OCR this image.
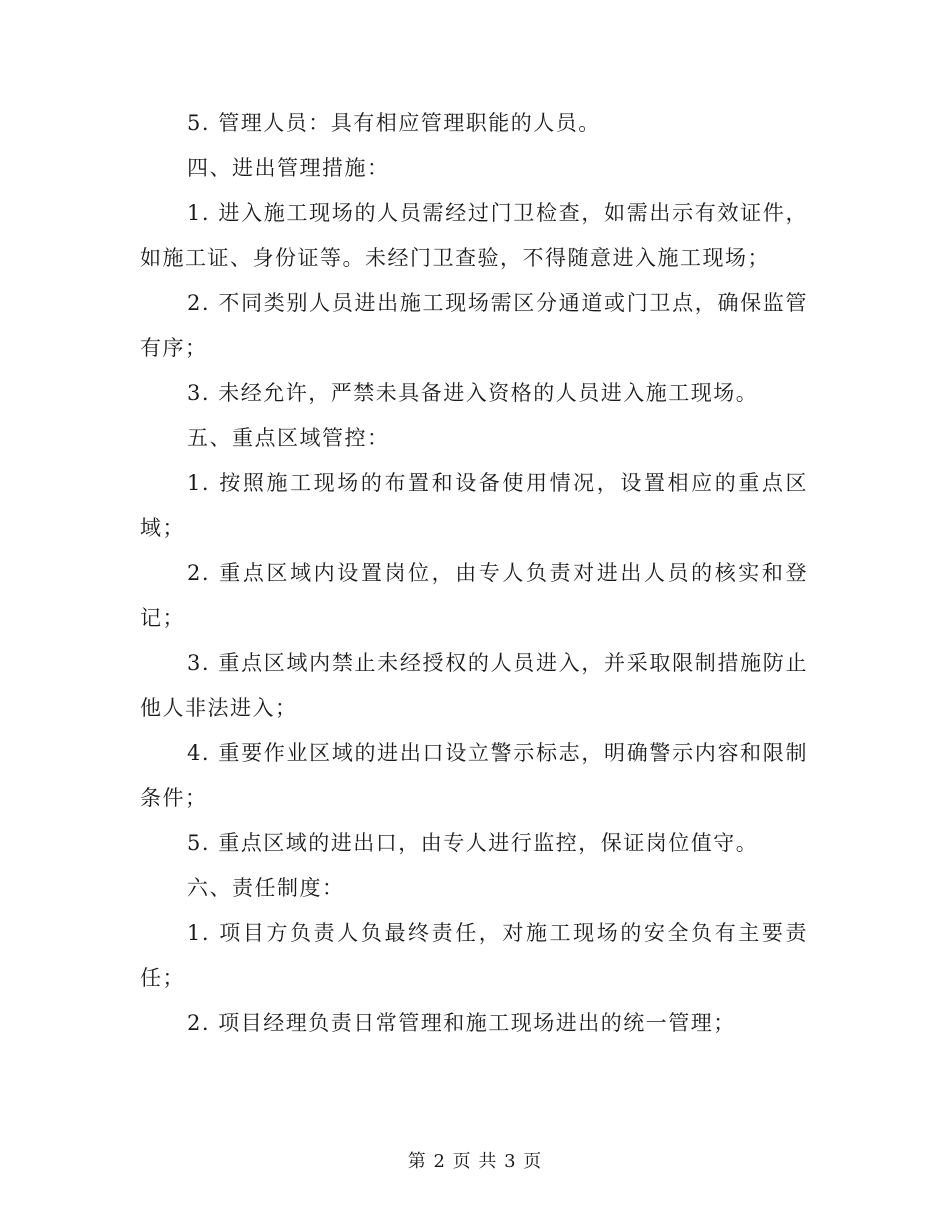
5. 管理人员：具有相应管理职能的人员。

四、进出管理措施：

1. 进入施工现场的人员需经过门卫检查，如需出示有效证件，如施工证、身份证等。未经门卫查验，不得随意进入施工现场；

2. 不同类别人员进出施工现场需区分通道或门卫点，确保监管有序；

3. 未经允许，严禁未具备进入资格的人员进入施工现场。

五、重点区域管控：

1. 按照施工现场的布置和设备使用情况，设置相应的重点区域；

2. 重点区域内设置岗位，由专人负责对进出人员的核实和登记；

3. 重点区域内禁止未经授权的人员进入，并采取限制措施防止他人非法进入；

4. 重要作业区域的进出口设立警示标志，明确警示内容和限制条件；

5. 重点区域的进出口，由专人进行监控，保证岗位值守。

六、责任制度：

1. 项目方负责人负最终责任，对施工现场的安全负有主要责任；

2. 项目经理负责日常管理和施工现场进出的统一管理；

第 2 页 共 3 页
